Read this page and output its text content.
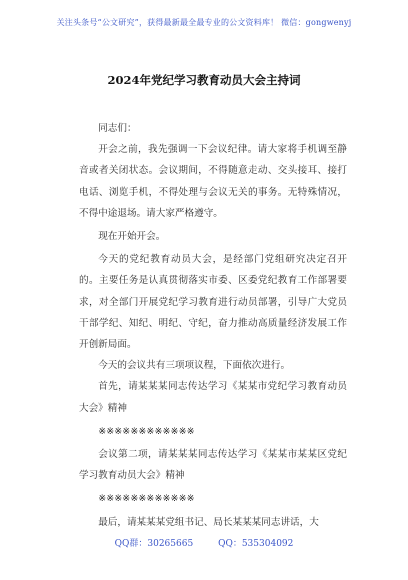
关注头条号“公文研究”，获得最新最全最专业的公文资料库！ 微信：gongwenyj
2024年党纪学习教育动员大会主持词

同志们：

开会之前，我先强调一下会议纪律。请大家将手机调至静音或者关闭状态。会议期间，不得随意走动、交头接耳、接打电话、浏览手机，不得处理与会议无关的事务。无特殊情况，不得中途退场。请大家严格遵守。

现在开始开会。

今天的党纪教育动员大会，是经部门党组研究决定召开的。主要任务是认真贯彻落实市委、区委党纪教育工作部署要求，对全部门开展党纪学习教育进行动员部署，引导广大党员干部学纪、知纪、明纪、守纪，奋力推动高质量经济发展工作开创新局面。

今天的会议共有三项项议程，下面依次进行。

首先，请某某某同志传达学习《某某市党纪学习教育动员大会》精神

※※※※※※※※※※※※

会议第二项，请某某某同志传达学习《某某市某某区党纪学习教育动员大会》精神

※※※※※※※※※※※※

最后，请某某某党组书记、局长某某某同志讲话，大

QQ群：30265665	QQ：535304092
